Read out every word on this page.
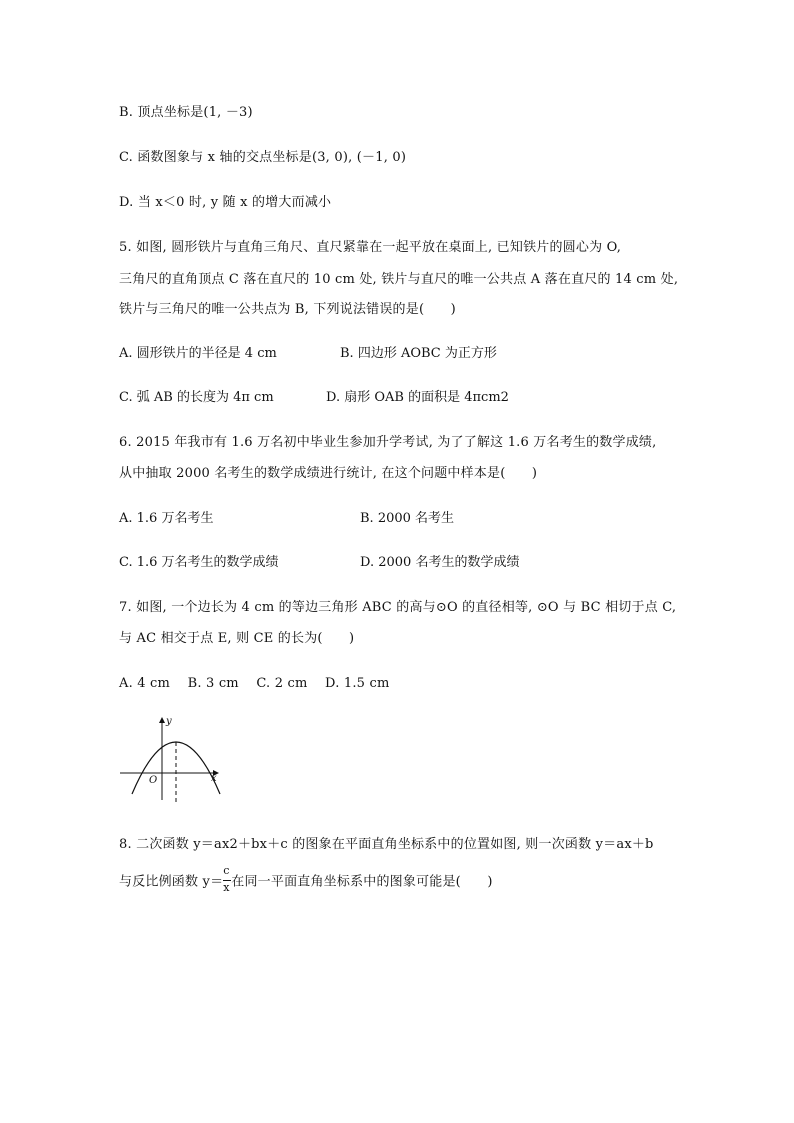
B. 顶点坐标是(1, －3)
C. 函数图象与 x 轴的交点坐标是(3, 0), (－1, 0)
D. 当 x＜0 时, y 随 x 的增大而减小
5. 如图, 圆形铁片与直角三角尺、直尺紧靠在一起平放在桌面上, 已知铁片的圆心为 O,
三角尺的直角顶点 C 落在直尺的 10 cm 处, 铁片与直尺的唯一公共点 A 落在直尺的 14 cm 处,
铁片与三角尺的唯一公共点为 B, 下列说法错误的是(　　)
A. 圆形铁片的半径是 4 cm	B. 四边形 AOBC 为正方形
C. 弧 AB 的长度为 4π cm	D. 扇形 OAB 的面积是 4πcm2
6. 2015 年我市有 1.6 万名初中毕业生参加升学考试, 为了了解这 1.6 万名考生的数学成绩,
从中抽取 2000 名考生的数学成绩进行统计, 在这个问题中样本是(　　)
A. 1.6 万名考生	B. 2000 名考生
C. 1.6 万名考生的数学成绩	D. 2000 名考生的数学成绩
7. 如图, 一个边长为 4 cm 的等边三角形 ABC 的高与⊙O 的直径相等, ⊙O 与 BC 相切于点 C,
与 AC 相交于点 E, 则 CE 的长为(　　)
A. 4 cm　 B. 3 cm　 C. 2 cm　 D. 1.5 cm
y
x
O
8. 二次函数 y＝ax2＋bx＋c 的图象在平面直角坐标系中的位置如图, 则一次函数 y＝ax＋b
与反比例函数 $y= \frac{c}{x}$ 在同一平面直角坐标系中的图象可能是(　　)
